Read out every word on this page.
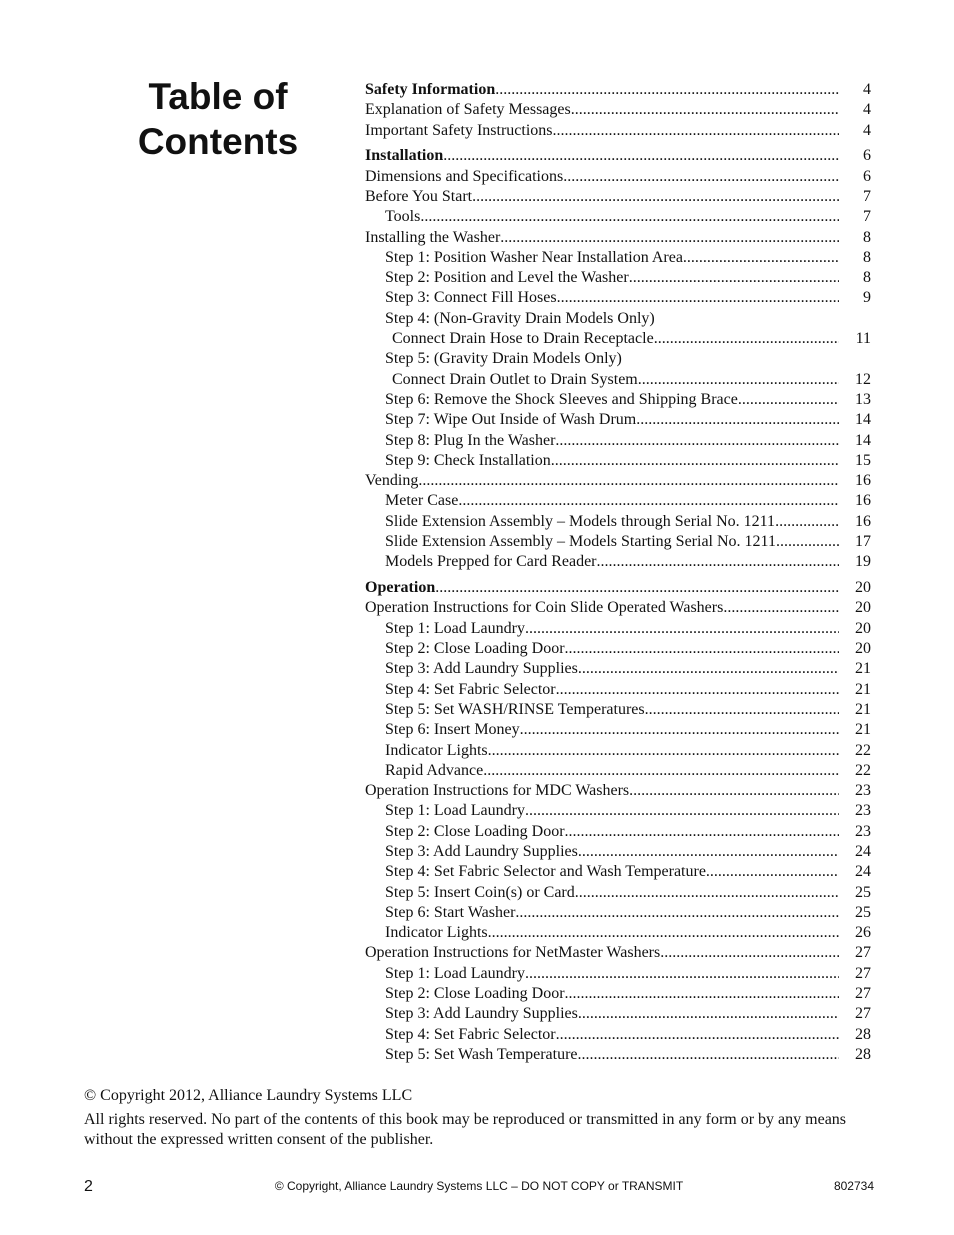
Table of
Contents
Safety Information .....	4
Explanation of Safety Messages .....	4
Important Safety Instructions .....	4
Installation .....	6
Dimensions and Specifications .....	6
Before You Start .....	7
Tools .....	7
Installing the Washer .....	8
Step 1: Position Washer Near Installation Area .....	8
Step 2: Position and Level the Washer .....	8
Step 3: Connect Fill Hoses .....	9
Step 4: (Non-Gravity Drain Models Only)
Connect Drain Hose to Drain Receptacle .....	11
Step 5: (Gravity Drain Models Only)
Connect Drain Outlet to Drain System .....	12
Step 6: Remove the Shock Sleeves and Shipping Brace .....	13
Step 7: Wipe Out Inside of Wash Drum .....	14
Step 8: Plug In the Washer .....	14
Step 9: Check Installation .....	15
Vending .....	16
Meter Case .....	16
Slide Extension Assembly – Models through Serial No. 1211 .....	16
Slide Extension Assembly – Models Starting Serial No. 1211 .....	17
Models Prepped for Card Reader .....	19
Operation .....	20
Operation Instructions for Coin Slide Operated Washers .....	20
Step 1: Load Laundry .....	20
Step 2: Close Loading Door .....	20
Step 3: Add Laundry Supplies .....	21
Step 4: Set Fabric Selector .....	21
Step 5: Set WASH/RINSE Temperatures .....	21
Step 6: Insert Money .....	21
Indicator Lights .....	22
Rapid Advance .....	22
Operation Instructions for MDC Washers .....	23
Step 1: Load Laundry .....	23
Step 2: Close Loading Door .....	23
Step 3: Add Laundry Supplies .....	24
Step 4: Set Fabric Selector and Wash Temperature .....	24
Step 5: Insert Coin(s) or Card .....	25
Step 6: Start Washer .....	25
Indicator Lights .....	26
Operation Instructions for NetMaster Washers .....	27
Step 1: Load Laundry .....	27
Step 2: Close Loading Door .....	27
Step 3: Add Laundry Supplies .....	27
Step 4: Set Fabric Selector .....	28
Step 5: Set Wash Temperature .....	28
© Copyright 2012, Alliance Laundry Systems LLC
All rights reserved. No part of the contents of this book may be reproduced or transmitted in any form or by any means without the expressed written consent of the publisher.
2	© Copyright, Alliance Laundry Systems LLC – DO NOT COPY or TRANSMIT	802734
